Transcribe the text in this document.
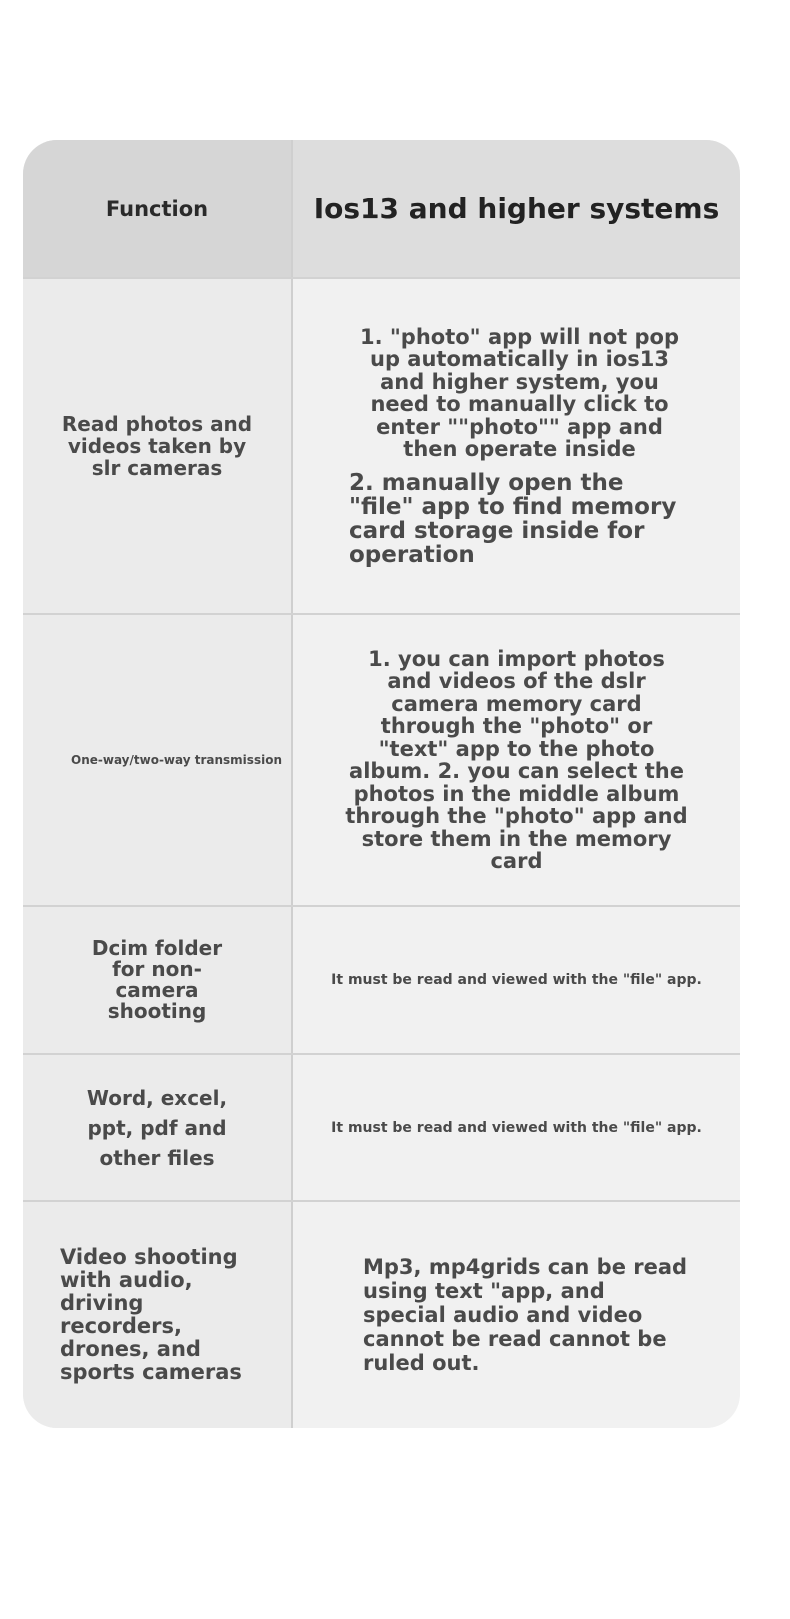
Function	Ios13 and higher systems
Read photos and videos taken by slr cameras
1. "photo" app will not pop up automatically in ios13 and higher system, you need to manually click to enter ""photo"" app and then operate inside
2. manually open the "file" app to find memory card storage inside for operation
One-way/two-way transmission
1. you can import photos and videos of the dslr camera memory card through the "photo" or "text" app to the photo album. 2. you can select the photos in the middle album through the "photo" app and store them in the memory card
Dcim folder for non-camera shooting
It must be read and viewed with the "file" app.
Word, excel, ppt, pdf and other files
It must be read and viewed with the "file" app.
Video shooting with audio, driving recorders, drones, and sports cameras
Mp3, mp4grids can be read using text "app, and special audio and video cannot be read cannot be ruled out.
